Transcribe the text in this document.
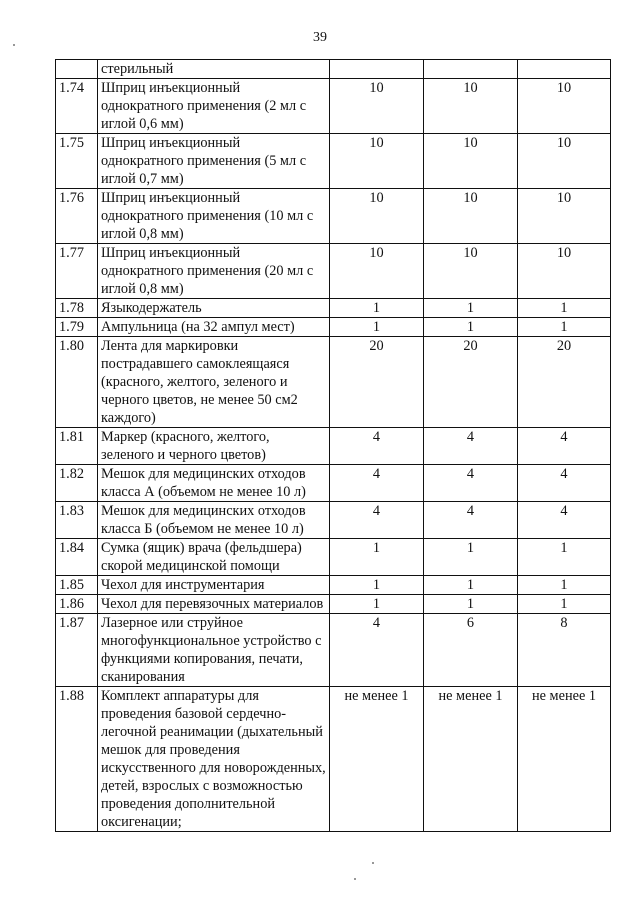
39
	стерильный			
1.74	Шприц инъекционный однократного применения (2 мл с иглой 0,6 мм)	10	10	10
1.75	Шприц инъекционный однократного применения (5 мл с иглой 0,7 мм)	10	10	10
1.76	Шприц инъекционный однократного применения (10 мл с иглой 0,8 мм)	10	10	10
1.77	Шприц инъекционный однократного применения (20 мл с иглой 0,8 мм)	10	10	10
1.78	Языкодержатель	1	1	1
1.79	Ампульница (на 32 ампул мест)	1	1	1
1.80	Лента для маркировки пострадавшего самоклеящаяся (красного, желтого, зеленого и черного цветов, не менее 50 см2 каждого)	20	20	20
1.81	Маркер (красного, желтого, зеленого и черного цветов)	4	4	4
1.82	Мешок для медицинских отходов класса А (объемом не менее 10 л)	4	4	4
1.83	Мешок для медицинских отходов класса Б (объемом не менее 10 л)	4	4	4
1.84	Сумка (ящик) врача (фельдшера) скорой медицинской помощи	1	1	1
1.85	Чехол для инструментария	1	1	1
1.86	Чехол для перевязочных материалов	1	1	1
1.87	Лазерное или струйное многофункциональное устройство с функциями копирования, печати, сканирования	4	6	8
1.88	Комплект аппаратуры для проведения базовой сердечно-легочной реанимации (дыхательный мешок для проведения искусственного для новорожденных, детей, взрослых с возможностью проведения дополнительной оксигенации;	не менее 1	не менее 1	не менее 1
